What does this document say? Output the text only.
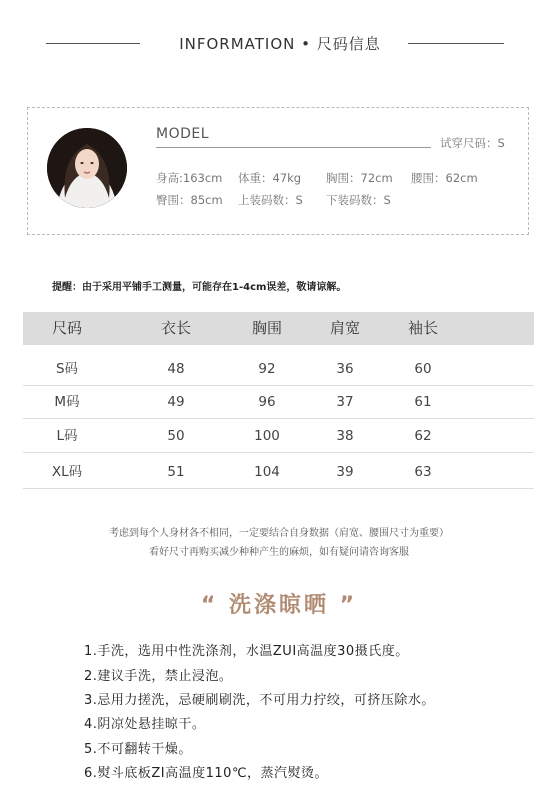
INFORMATION • 尺码信息
MODEL
试穿尺码：S
身高:163cm 体重：47kg 胸围：72cm 腰围：62cm
臀围：85cm 上装码数：S 下装码数：S
提醒：由于采用平铺手工测量，可能存在1-4cm误差，敬请谅解。
尺码	衣长	胸围	肩宽	袖长
S码	48	92	36	60
M码	49	96	37	61
L码	50	100	38	62
XL码	51	104	39	63
考虑到每个人身材各不相同，一定要结合自身数据（肩宽、腰围尺寸为重要）
看好尺寸再购买减少种种产生的麻烦，如有疑问请咨询客服
“ 洗涤晾晒 ”
1.手洗，选用中性洗涤剂，水温ZUI高温度30摄氏度。
2.建议手洗，禁止浸泡。
3.忌用力搓洗，忌硬刷刷洗，不可用力拧绞，可挤压除水。
4.阴凉处悬挂晾干。
5.不可翻转干燥。
6.熨斗底板ZI高温度110℃，蒸汽熨烫。
